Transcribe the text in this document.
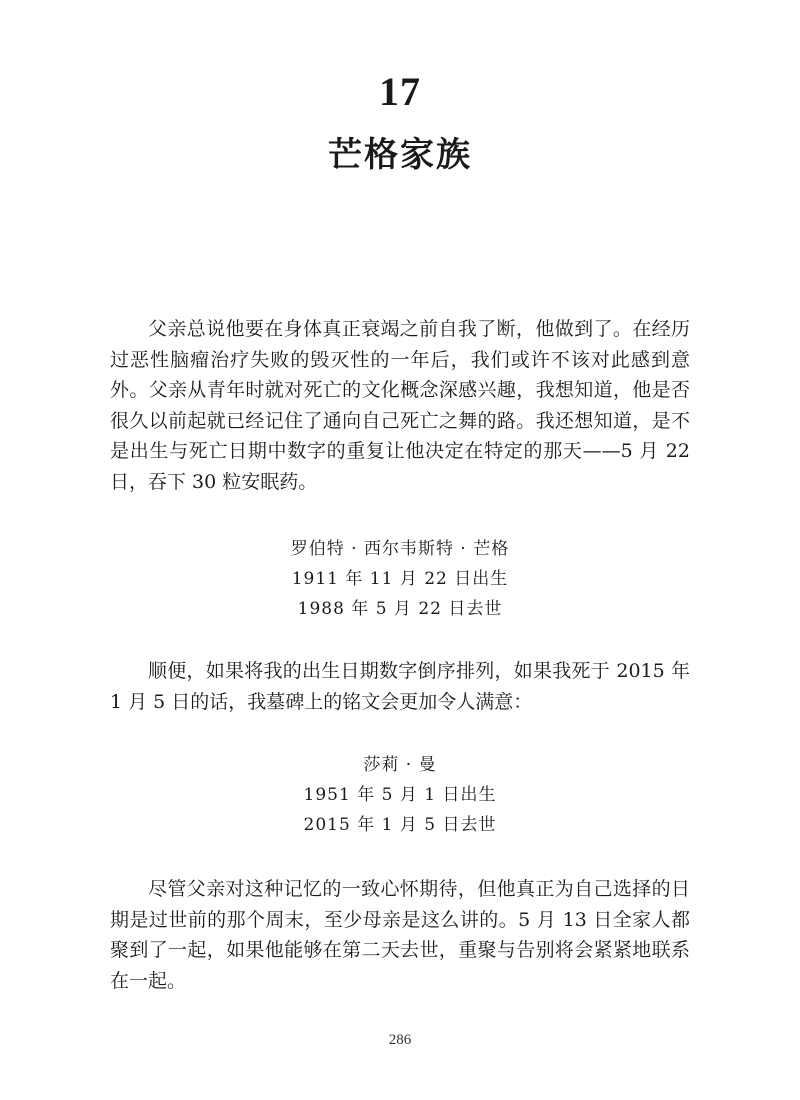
17
芒格家族

父亲总说他要在身体真正衰竭之前自我了断，他做到了。在经历过恶性脑瘤治疗失败的毁灭性的一年后，我们或许不该对此感到意外。父亲从青年时就对死亡的文化概念深感兴趣，我想知道，他是否很久以前起就已经记住了通向自己死亡之舞的路。我还想知道，是不是出生与死亡日期中数字的重复让他决定在特定的那天——5 月 22 日，吞下 30 粒安眠药。

罗伯特 · 西尔韦斯特 · 芒格
1911 年 11 月 22 日出生
1988 年 5 月 22 日去世

顺便，如果将我的出生日期数字倒序排列，如果我死于 2015 年 1 月 5 日的话，我墓碑上的铭文会更加令人满意：

莎莉 · 曼
1951 年 5 月 1 日出生
2015 年 1 月 5 日去世

尽管父亲对这种记忆的一致心怀期待，但他真正为自己选择的日期是过世前的那个周末，至少母亲是这么讲的。5 月 13 日全家人都聚到了一起，如果他能够在第二天去世，重聚与告别将会紧紧地联系在一起。

286
